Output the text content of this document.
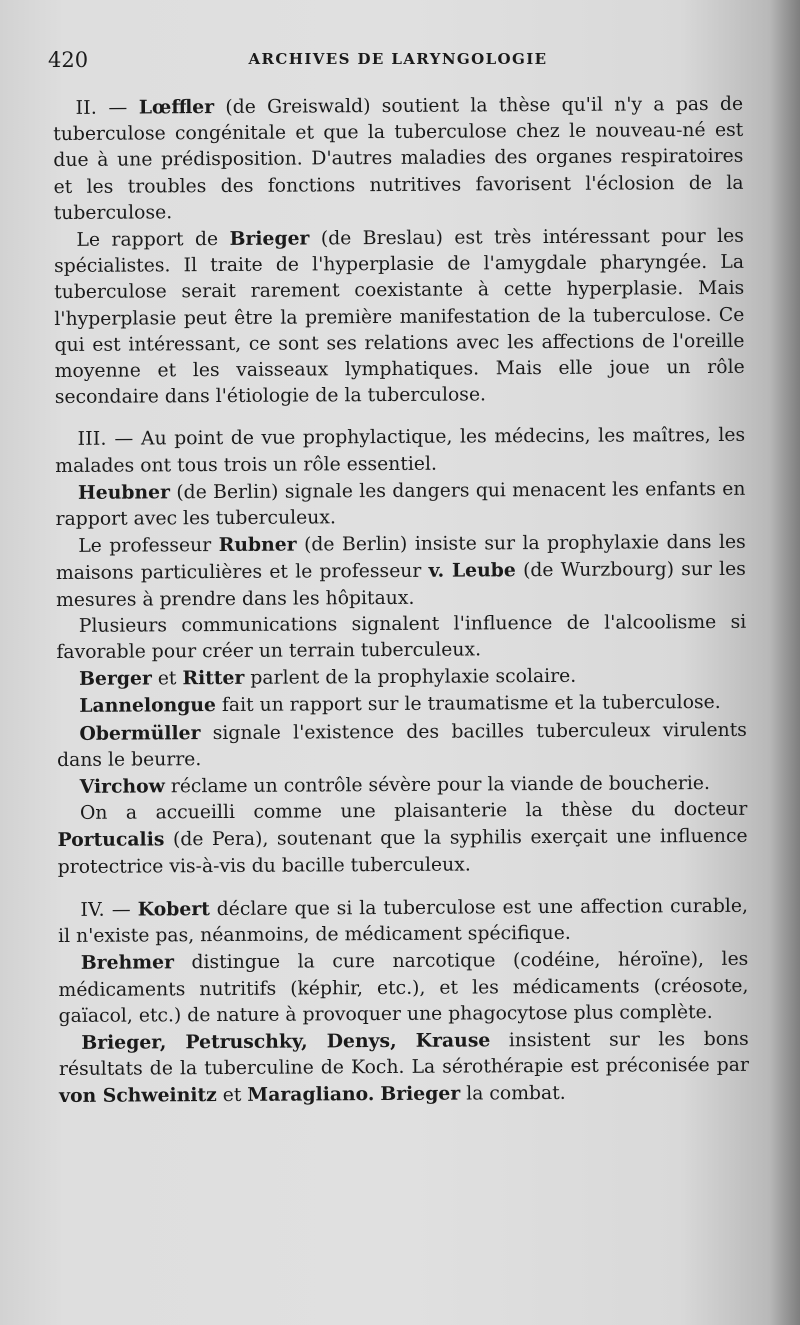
420	ARCHIVES DE LARYNGOLOGIE

II. — Lœffler (de Greiswald) soutient la thèse qu'il n'y a pas de tuberculose congénitale et que la tuberculose chez le nouveau-né est due à une prédisposition. D'autres maladies des organes respiratoires et les troubles des fonctions nutritives favorisent l'éclosion de la tuberculose.

Le rapport de Brieger (de Breslau) est très intéressant pour les spécialistes. Il traite de l'hyperplasie de l'amygdale pharyngée. La tuberculose serait rarement coexistante à cette hyperplasie. Mais l'hyperplasie peut être la première manifestation de la tuberculose. Ce qui est intéressant, ce sont ses relations avec les affections de l'oreille moyenne et les vaisseaux lymphatiques. Mais elle joue un rôle secondaire dans l'étiologie de la tuberculose.

III. — Au point de vue prophylactique, les médecins, les maîtres, les malades ont tous trois un rôle essentiel.

Heubner (de Berlin) signale les dangers qui menacent les enfants en rapport avec les tuberculeux.

Le professeur Rubner (de Berlin) insiste sur la prophylaxie dans les maisons particulières et le professeur v. Leube (de Wurzbourg) sur les mesures à prendre dans les hôpitaux.

Plusieurs communications signalent l'influence de l'alcoolisme si favorable pour créer un terrain tuberculeux.

Berger et Ritter parlent de la prophylaxie scolaire.

Lannelongue fait un rapport sur le traumatisme et la tuberculose.

Obermüller signale l'existence des bacilles tuberculeux virulents dans le beurre.

Virchow réclame un contrôle sévère pour la viande de boucherie.

On a accueilli comme une plaisanterie la thèse du docteur Portucalis (de Pera), soutenant que la syphilis exerçait une influence protectrice vis-à-vis du bacille tuberculeux.

IV. — Kobert déclare que si la tuberculose est une affection curable, il n'existe pas, néanmoins, de médicament spécifique.

Brehmer distingue la cure narcotique (codéine, héroïne), les médicaments nutritifs (képhir, etc.), et les médicaments (créosote, gaïacol, etc.) de nature à provoquer une phagocytose plus complète.

Brieger, Petruschky, Denys, Krause insistent sur les bons résultats de la tuberculine de Koch. La sérothérapie est préconisée par von Schweinitz et Maragliano. Brieger la combat.
